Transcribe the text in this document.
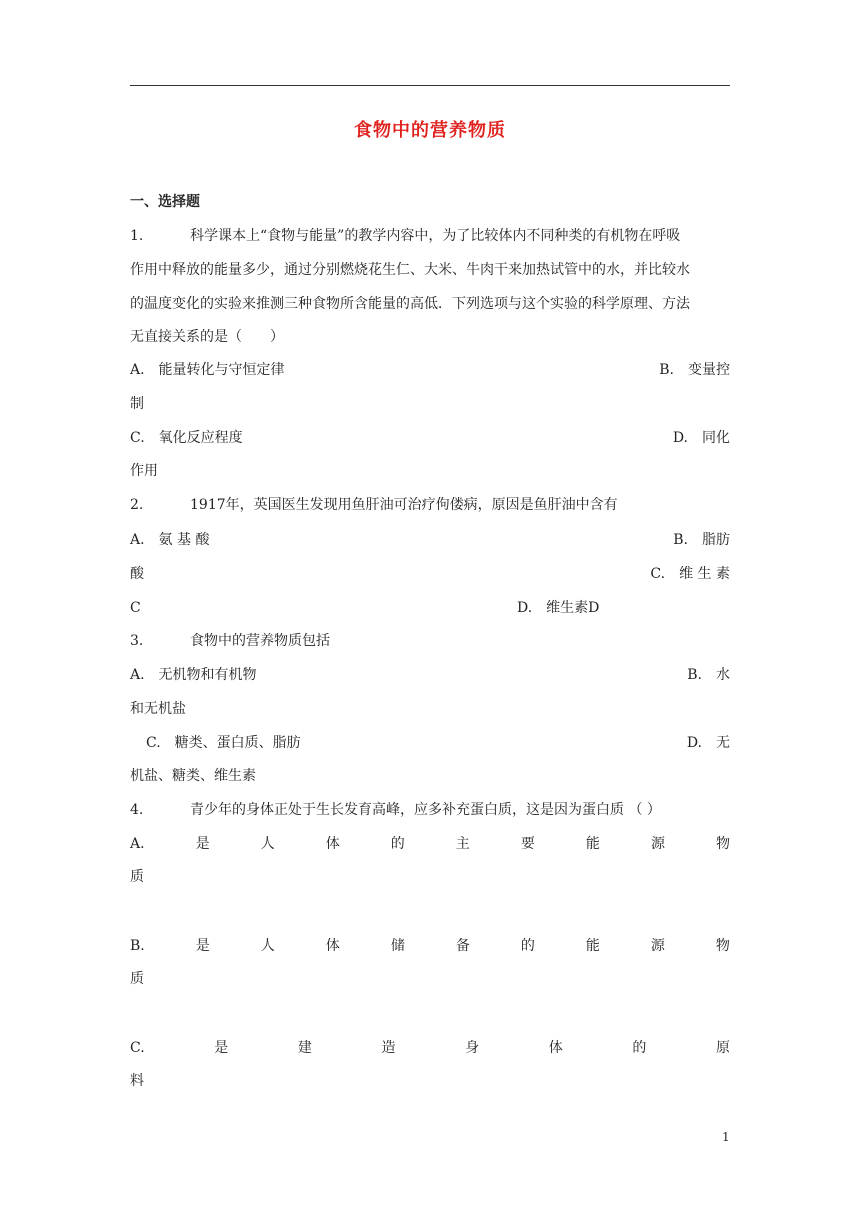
食物中的营养物质
一、选择题
1.	科学课本上“食物与能量”的教学内容中，为了比较体内不同种类的有机物在呼吸
作用中释放的能量多少，通过分别燃烧花生仁、大米、牛肉干来加热试管中的水，并比较水
的温度变化的实验来推测三种食物所含能量的高低．下列选项与这个实验的科学原理、方法
无直接关系的是（　　）
A.　能量转化与守恒定律	B.　变量控
制
C.　氧化反应程度	D.　同化
作用
2.	1917年，英国医生发现用鱼肝油可治疗佝偻病，原因是鱼肝油中含有
A.　氨 基 酸	B.　脂肪
酸	C.　维 生 素
C	D.　维生素D
3.	食物中的营养物质包括
A.　无机物和有机物	B.　水
和无机盐
C.　糖类、蛋白质、脂肪	D.　无
机盐、糖类、维生素
4.	青少年的身体正处于生长发育高峰，应多补充蛋白质，这是因为蛋白质 （ ）
A.	是	人	体	的	主	要	能	源	物
质
B.	是	人	体	储	备	的	能	源	物
质
C.	是	建	造	身	体	的	原
料
1
